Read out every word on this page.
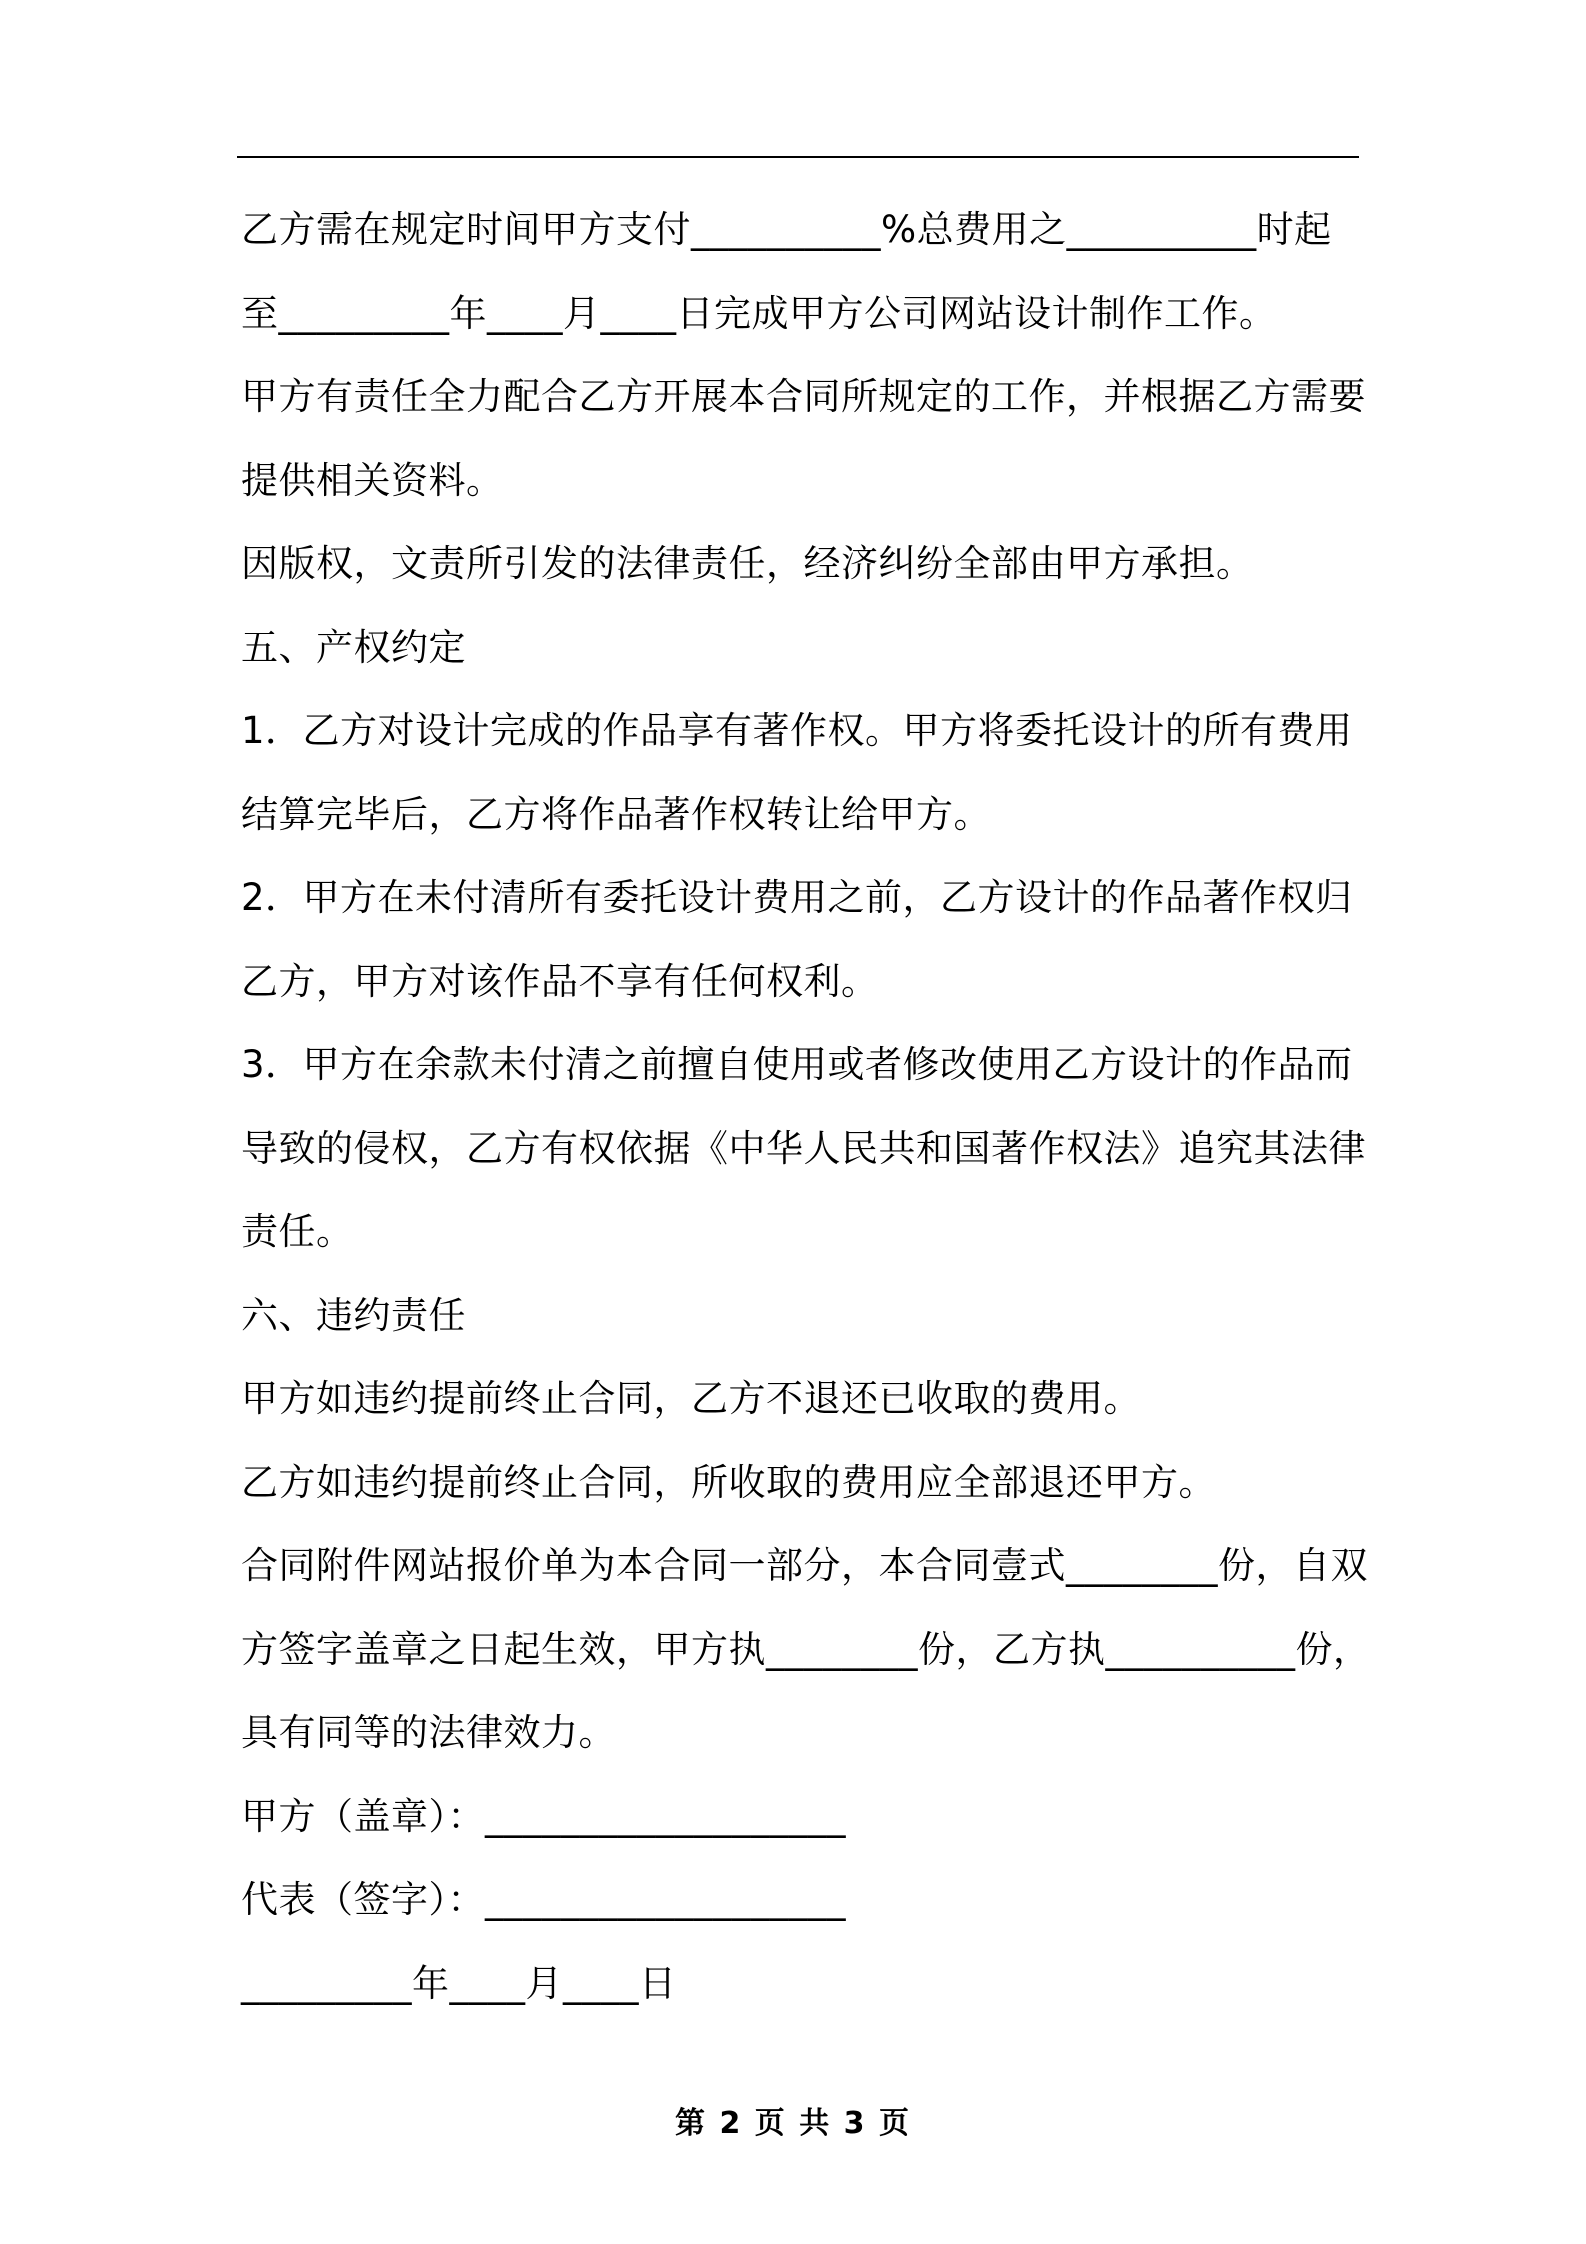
乙方需在规定时间甲方支付__________%总费用之__________时起
至_________年____月____日完成甲方公司网站设计制作工作。
甲方有责任全力配合乙方开展本合同所规定的工作，并根据乙方需要
提供相关资料。
因版权，文责所引发的法律责任，经济纠纷全部由甲方承担。
五、产权约定
1．乙方对设计完成的作品享有著作权。甲方将委托设计的所有费用
结算完毕后，乙方将作品著作权转让给甲方。
2．甲方在未付清所有委托设计费用之前，乙方设计的作品著作权归
乙方，甲方对该作品不享有任何权利。
3．甲方在余款未付清之前擅自使用或者修改使用乙方设计的作品而
导致的侵权，乙方有权依据《中华人民共和国著作权法》追究其法律
责任。
六、违约责任
甲方如违约提前终止合同，乙方不退还已收取的费用。
乙方如违约提前终止合同，所收取的费用应全部退还甲方。
合同附件网站报价单为本合同一部分，本合同壹式________份，自双
方签字盖章之日起生效，甲方执________份，乙方执__________份，
具有同等的法律效力。
甲方（盖章）：___________________
代表（签字）：___________________
_________年____月____日
第 2 页 共 3 页
